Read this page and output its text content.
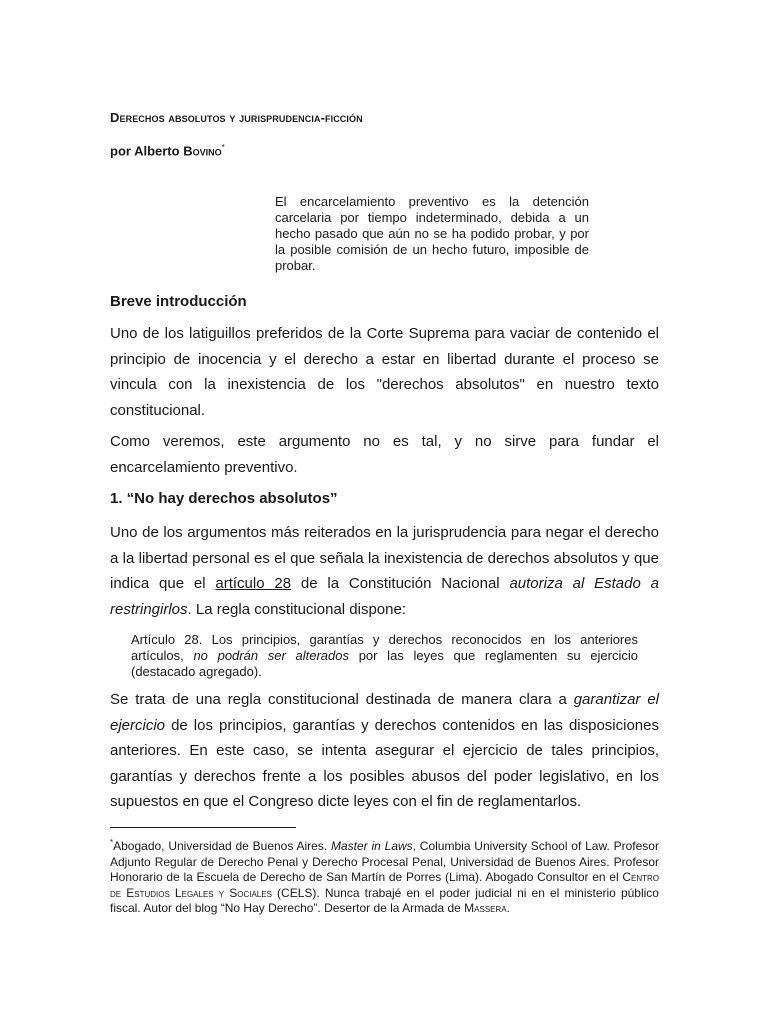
Derechos absolutos y jurisprudencia-ficción

por Alberto Bovino*

El encarcelamiento preventivo es la detención carcelaria por tiempo indeterminado, debida a un hecho pasado que aún no se ha podido probar, y por la posible comisión de un hecho futuro, imposible de probar.

Breve introducción

Uno de los latiguillos preferidos de la Corte Suprema para vaciar de contenido el principio de inocencia y el derecho a estar en libertad durante el proceso se vincula con la inexistencia de los "derechos absolutos" en nuestro texto constitucional.

Como veremos, este argumento no es tal, y no sirve para fundar el encarcelamiento preventivo.

1. “No hay derechos absolutos”

Uno de los argumentos más reiterados en la jurisprudencia para negar el derecho a la libertad personal es el que señala la inexistencia de derechos absolutos y que indica que el artículo 28 de la Constitución Nacional autoriza al Estado a restringirlos. La regla constitucional dispone:

Artículo 28. Los principios, garantías y derechos reconocidos en los anteriores artículos, no podrán ser alterados por las leyes que reglamenten su ejercicio (destacado agregado).

Se trata de una regla constitucional destinada de manera clara a garantizar el ejercicio de los principios, garantías y derechos contenidos en las disposiciones anteriores. En este caso, se intenta asegurar el ejercicio de tales principios, garantías y derechos frente a los posibles abusos del poder legislativo, en los supuestos en que el Congreso dicte leyes con el fin de reglamentarlos.

*Abogado, Universidad de Buenos Aires. Master in Laws, Columbia University School of Law. Profesor Adjunto Regular de Derecho Penal y Derecho Procesal Penal, Universidad de Buenos Aires. Profesor Honorario de la Escuela de Derecho de San Martín de Porres (Lima). Abogado Consultor en el Centro de Estudios Legales y Sociales (CELS). Nunca trabajé en el poder judicial ni en el ministerio público fiscal. Autor del blog “No Hay Derecho”. Desertor de la Armada de Massera.
